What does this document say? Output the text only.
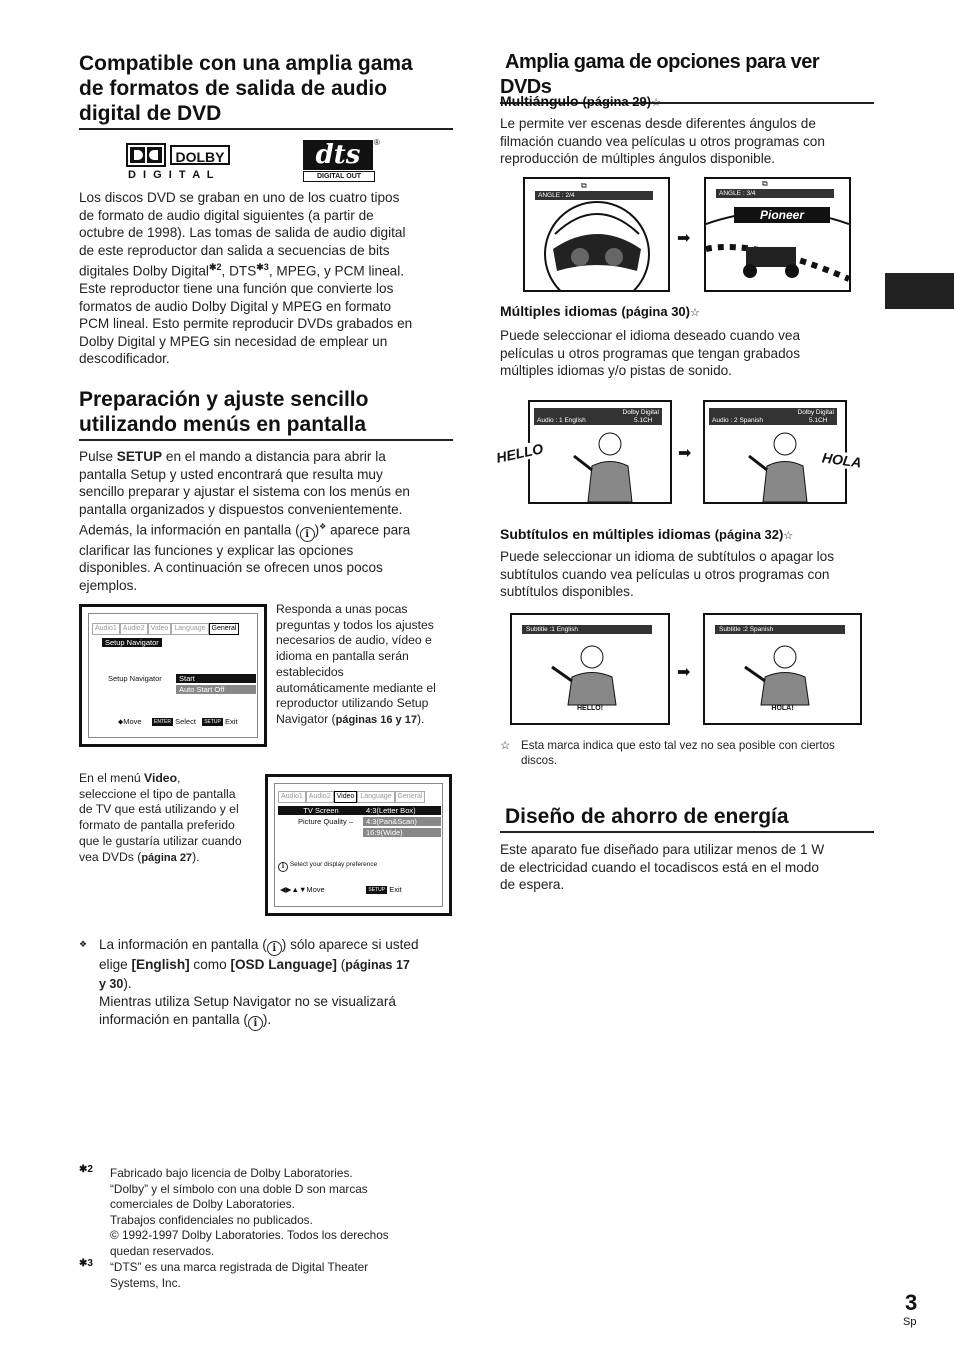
Compatible con una amplia gama
de formatos de salida de audio
digital de DVD
DOLBY
D I G I T A L
dts
DIGITAL OUT
®

Los discos DVD se graban en uno de los cuatro tipos
de formato de audio digital siguientes (a partir de
octubre de 1998). Las tomas de salida de audio digital
de este reproductor dan salida a secuencias de bits
digitales Dolby Digital$^{✱2}$, $DTS^{✱3}$, MPEG, y PCM lineal.
Este reproductor tiene una función que convierte los
formatos de audio Dolby Digital y MPEG en formato
PCM lineal. Esto permite reproducir DVDs grabados en
Dolby Digital y MPEG sin necesidad de emplear un
descodificador.

Preparación y ajuste sencillo
utilizando menús en pantalla

Pulse SETUP en el mando a distancia para abrir la
pantalla Setup y usted encontrará que resulta muy
sencillo preparar y ajustar el sistema con los menús en
pantalla organizados y dispuestos convenientemente.
Además, la información en pantalla ( i )❖ aparece para
clarificar las funciones y explicar las opciones
disponibles. A continuación se ofrecen unos pocos
ejemplos.

Audio1 Audio2 Video Language General
Setup Navigator
Setup Navigator	Start
Auto Start Off
⬥Move ENTER Select SETUP Exit

Responda a unas pocas
preguntas y todos los ajustes
necesarios de audio, vídeo e
idioma en pantalla serán
establecidos
automáticamente mediante el
reproductor utilizando Setup
Navigator (páginas 16 y 17).

En el menú Video,
seleccione el tipo de pantalla
de TV que está utilizando y el
formato de pantalla preferido
que le gustaría utilizar cuando
vea DVDs (página 27).

Audio1 Audio2 Video Language General
TV Screen
Picture Quality –
4:3(Letter Box)
4:3(Pan&Scan)
16:9(Wide)
i Select your display preference
◀▶▲▼Move	SETUP Exit
❖ La información en pantalla ( i ) sólo aparece si usted
elige [English] como [OSD Language] (páginas 17
y 30).
Mientras utiliza Setup Navigator no se visualizará
información en pantalla ( i ).
✱2 Fabricado bajo licencia de Dolby Laboratories.
“Dolby” y el símbolo con una doble D son marcas
comerciales de Dolby Laboratories.
Trabajos confidenciales no publicados.
© 1992-1997 Dolby Laboratories. Todos los derechos
quedan reservados.

✱3 “DTS” es una marca registrada de Digital Theater
Systems, Inc.

Amplia gama de opciones para ver DVDs
Multiángulo (página 29)☆

Le permite ver escenas desde diferentes ángulos de
filmación cuando vea películas u otros programas con
reproducción de múltiples ángulos disponible.

ANGLE : 2/4
⧉
➡
ANGLE : 3/4
Pioneer
⧉
Múltiples idiomas (página 30)☆

Puede seleccionar el idioma deseado cuando vea
películas u otros programas que tengan grabados
múltiples idiomas y/o pistas de sonido.

Dolby Digital
Audio : 1 English	5.1CH
HELLO	➡
Dolby Digital
Audio : 2 Spanish	5.1CH
HOLA
Subtítulos en múltiples idiomas (página 32)☆

Puede seleccionar un idioma de subtítulos o apagar los
subtítulos cuando vea películas u otros programas con
subtítulos disponibles.

Subtitle :1 English
HELLO!
➡
Subtitle :2 Spanish
HOLA!
☆ Esta marca indica que esto tal vez no sea posible con ciertos
discos.
Diseño de ahorro de energía

Este aparato fue diseñado para utilizar menos de 1 W
de electricidad cuando el tocadiscos está en el modo
de espera.

3
Sp
